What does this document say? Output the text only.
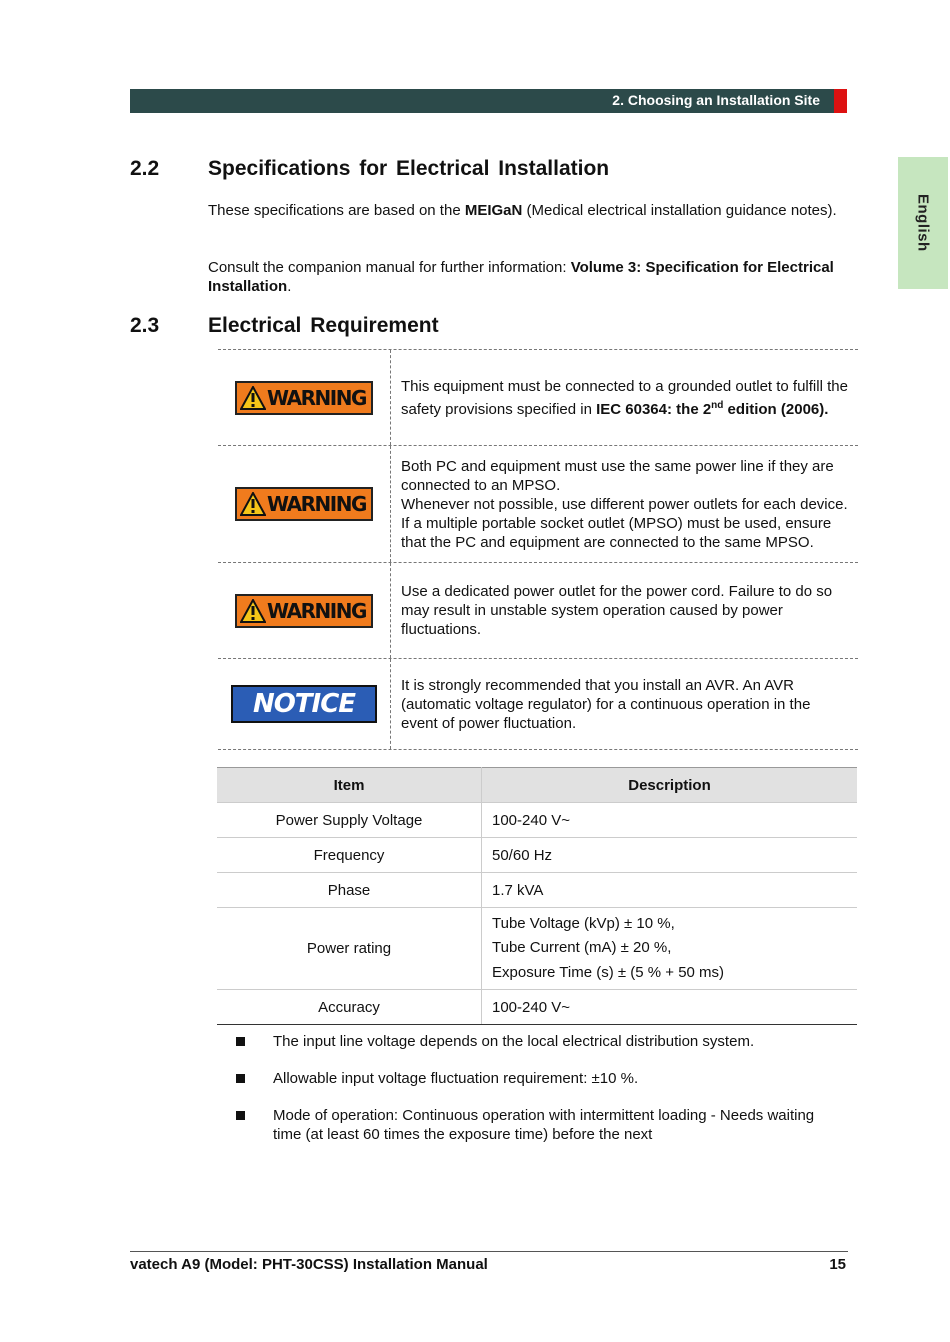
2. Choosing an Installation Site
English
2.2 Specifications for Electrical Installation
These specifications are based on the MEIGaN (Medical electrical installation guidance notes).
Consult the companion manual for further information: Volume 3: Specification for Electrical Installation.
2.3 Electrical Requirement
WARNING This equipment must be connected to a grounded outlet to fulfill the safety provisions specified in IEC 60364: the 2nd edition (2006).
WARNING
Both PC and equipment must use the same power line if they are connected to an MPSO.
Whenever not possible, use different power outlets for each device. If a multiple portable socket outlet (MPSO) must be used, ensure that the PC and equipment are connected to the same MPSO.
WARNING
Use a dedicated power outlet for the power cord. Failure to do so may result in unstable system operation caused by power fluctuations.
NOTICE
It is strongly recommended that you install an AVR. An AVR (automatic voltage regulator) for a continuous operation in the event of power fluctuation.
Item	Description
Power Supply Voltage	100-240 V~
Frequency	50/60 Hz
Phase	1.7 kVA
Power rating	Tube Voltage (kVp) ± 10 %,
Tube Current (mA) ± 20 %,
Exposure Time (s) ± (5 % + 50 ms)

Accuracy	100-240 V~
The input line voltage depends on the local electrical distribution system.
Allowable input voltage fluctuation requirement: ±10 %.
Mode of operation: Continuous operation with intermittent loading - Needs waiting time (at least 60 times the exposure time) before the next
vatech A9 (Model: PHT-30CSS) Installation Manual	15
